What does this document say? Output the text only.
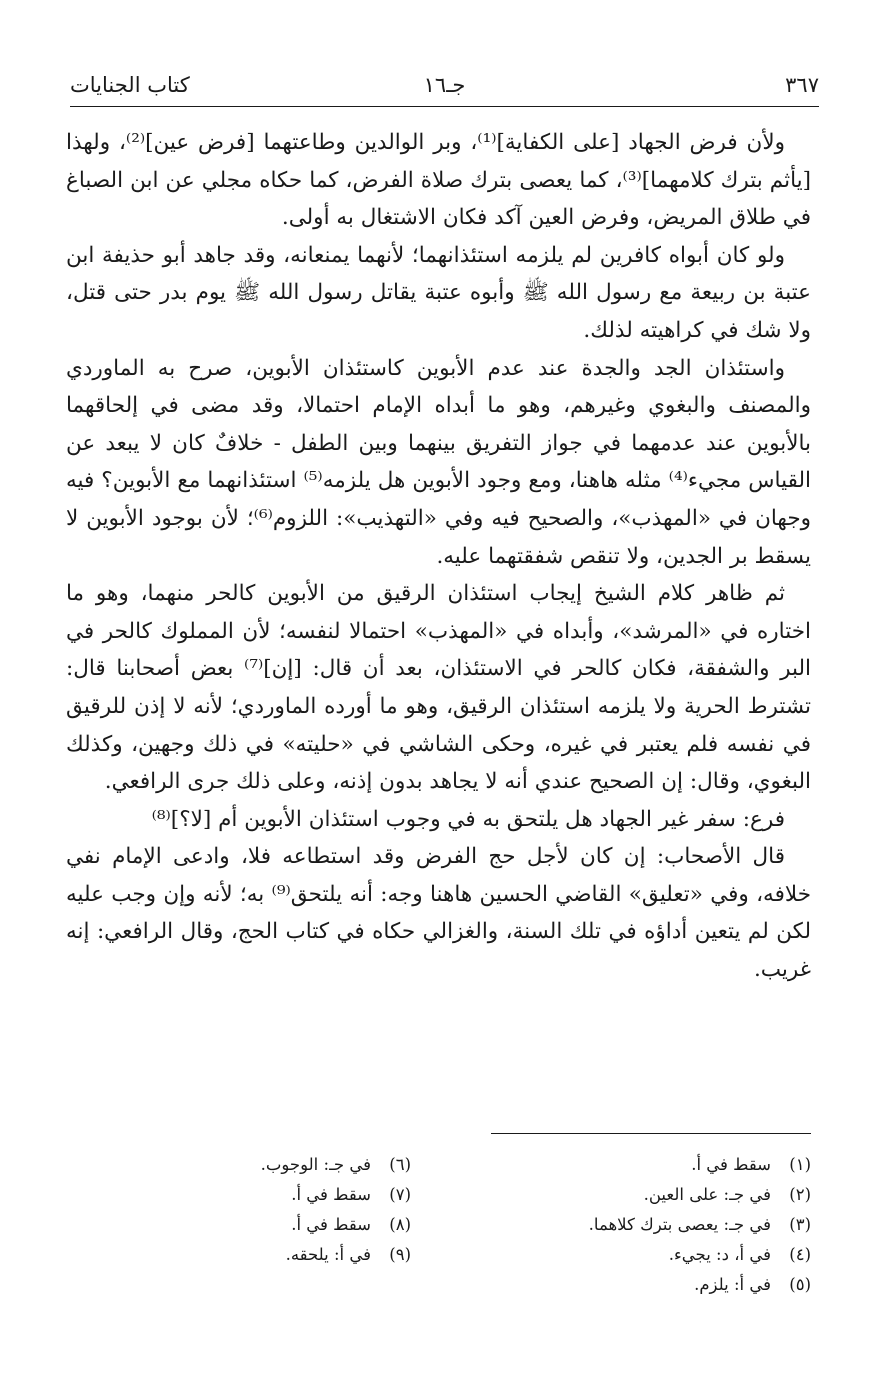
٣٦٧
جـ١٦
كتاب الجنايات

ولأن فرض الجهاد [على الكفاية]⁽¹⁾، وبر الوالدين وطاعتهما [فرض عين]⁽²⁾، ولهذا [يأثم بترك كلامهما]⁽³⁾، كما يعصى بترك صلاة الفرض، كما حكاه مجلي عن ابن الصباغ في طلاق المريض، وفرض العين آكد فكان الاشتغال به أولى.

ولو كان أبواه كافرين لم يلزمه استئذانهما؛ لأنهما يمنعانه، وقد جاهد أبو حذيفة ابن عتبة بن ربيعة مع رسول الله ﷺ وأبوه عتبة يقاتل رسول الله ﷺ يوم بدر حتى قتل، ولا شك في كراهيته لذلك.

واستئذان الجد والجدة عند عدم الأبوين كاستئذان الأبوين، صرح به الماوردي والمصنف والبغوي وغيرهم، وهو ما أبداه الإمام احتمالا، وقد مضى في إلحاقهما بالأبوين عند عدمهما في جواز التفريق بينهما وبين الطفل - خلافٌ كان لا يبعد عن القياس مجيء⁽⁴⁾ مثله هاهنا، ومع وجود الأبوين هل يلزمه⁽⁵⁾ استئذانهما مع الأبوين؟ فيه وجهان في «المهذب»، والصحيح فيه وفي «التهذيب»: اللزوم⁽⁶⁾؛ لأن بوجود الأبوين لا يسقط بر الجدين، ولا تنقص شفقتهما عليه.

ثم ظاهر كلام الشيخ إيجاب استئذان الرقيق من الأبوين كالحر منهما، وهو ما اختاره في «المرشد»، وأبداه في «المهذب» احتمالا لنفسه؛ لأن المملوك كالحر في البر والشفقة، فكان كالحر في الاستئذان، بعد أن قال: [إن]⁽⁷⁾ بعض أصحابنا قال: تشترط الحرية ولا يلزمه استئذان الرقيق، وهو ما أورده الماوردي؛ لأنه لا إذن للرقيق في نفسه فلم يعتبر في غيره، وحكى الشاشي في «حليته» في ذلك وجهين، وكذلك البغوي، وقال: إن الصحيح عندي أنه لا يجاهد بدون إذنه، وعلى ذلك جرى الرافعي.

فرع: سفر غير الجهاد هل يلتحق به في وجوب استئذان الأبوين أم [لا؟]⁽⁸⁾

قال الأصحاب: إن كان لأجل حج الفرض وقد استطاعه فلا، وادعى الإمام نفي خلافه، وفي «تعليق» القاضي الحسين هاهنا وجه: أنه يلتحق⁽⁹⁾ به؛ لأنه وإن وجب عليه لكن لم يتعين أداؤه في تلك السنة، والغزالي حكاه في كتاب الحج، وقال الرافعي: إنه غريب.

(١)سقط في أ.
(٢)في جـ: على العين.
(٣)في جـ: يعصى بترك كلاهما.
(٤)في أ، د: يجيء.
(٥)في أ: يلزم.
(٦)في جـ: الوجوب.
(٧)سقط في أ.
(٨)سقط في أ.
(٩)في أ: يلحقه.
